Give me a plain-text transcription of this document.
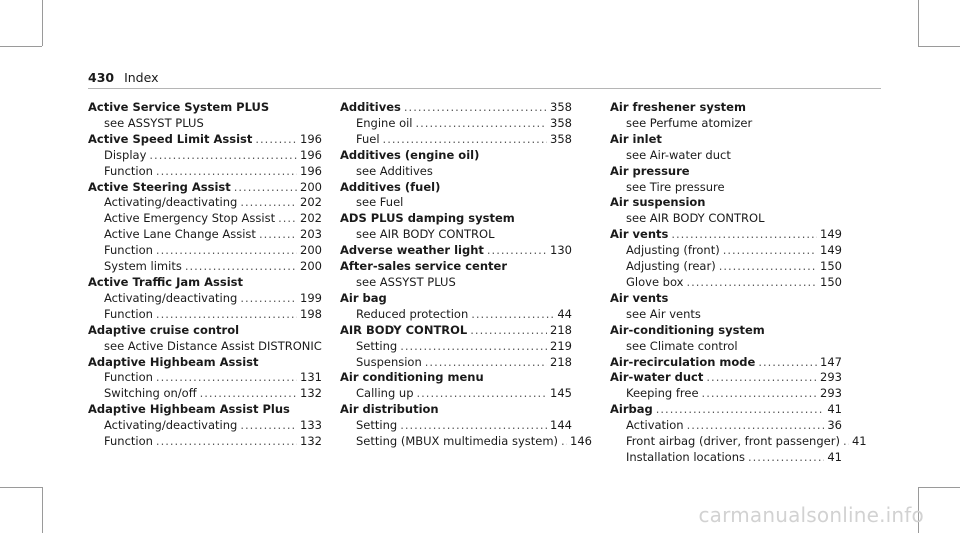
430 Index
Active Service System PLUS
see ASSYST PLUS
Active Speed Limit Assist .....	196
Display .....	196
Function .....	196
Active Steering Assist .....	200
Activating/deactivating .....	202
Active Emergency Stop Assist ..... 202
Active Lane Change Assist .....	203
Function .....	200
System limits .....	200
Active Traffic Jam Assist
Activating/deactivating .....	199
Function .....	198
Adaptive cruise control
see Active Distance Assist DISTRONIC
Adaptive Highbeam Assist
Function .....	131
Switching on/off .....	132
Adaptive Highbeam Assist Plus
Activating/deactivating .....	133
Function .....	132
Additives .....	358
Engine oil .....	358
Fuel .....	358
Additives (engine oil)
see Additives
Additives (fuel)
see Fuel
ADS PLUS damping system
see AIR BODY CONTROL
Adverse weather light .....	130
After-sales service center
see ASSYST PLUS
Air bag
Reduced protection .....	44
AIR BODY CONTROL .....	218
Setting .....	219
Suspension .....	218
Air conditioning menu
Calling up .....	145
Air distribution
Setting .....	144
Setting (MBUX multimedia system) ..... 146
Air freshener system
see Perfume atomizer
Air inlet
see Air-water duct
Air pressure
see Tire pressure
Air suspension
see AIR BODY CONTROL
Air vents .....	149
Adjusting (front) .....	149
Adjusting (rear) .....	150
Glove box .....	150
Air vents
see Air vents
Air-conditioning system
see Climate control
Air-recirculation mode .....	147
Air-water duct .....	293
Keeping free .....	293
Airbag .....	41
Activation .....	36
Front airbag (driver, front passenger) ..... 41
Installation locations .....	41
carmanualsonline.info
